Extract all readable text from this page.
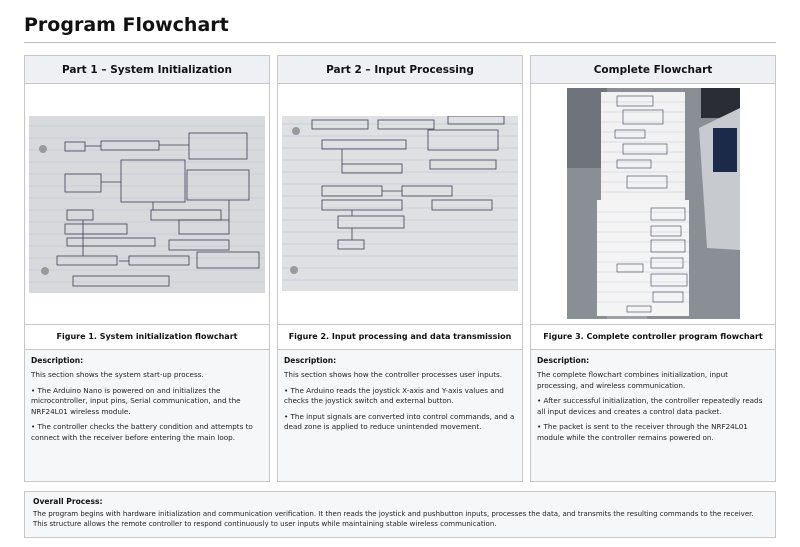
Program Flowchart
Part 1 – System Initialization
Figure 1. System initialization flowchart
Description:

This section shows the system start-up process.

• The Arduino Nano is powered on and initializes the microcontroller, input pins, Serial communication, and the NRF24L01 wireless module.

• The controller checks the battery condition and attempts to connect with the receiver before entering the main loop.

Part 2 – Input Processing
Figure 2. Input processing and data transmission
Description:

This section shows how the controller processes user inputs.

• The Arduino reads the joystick X-axis and Y-axis values and checks the joystick switch and external button.

• The input signals are converted into control commands, and a dead zone is applied to reduce unintended movement.

Complete Flowchart
Figure 3. Complete controller program flowchart
Description:

The complete flowchart combines initialization, input processing, and wireless communication.

• After successful initialization, the controller repeatedly reads all input devices and creates a control data packet.

• The packet is sent to the receiver through the NRF24L01 module while the controller remains powered on.

Overall Process:

The program begins with hardware initialization and communication verification. It then reads the joystick and pushbutton inputs, processes the data, and transmits the resulting commands to the receiver. This structure allows the remote controller to respond continuously to user inputs while maintaining stable wireless communication.
